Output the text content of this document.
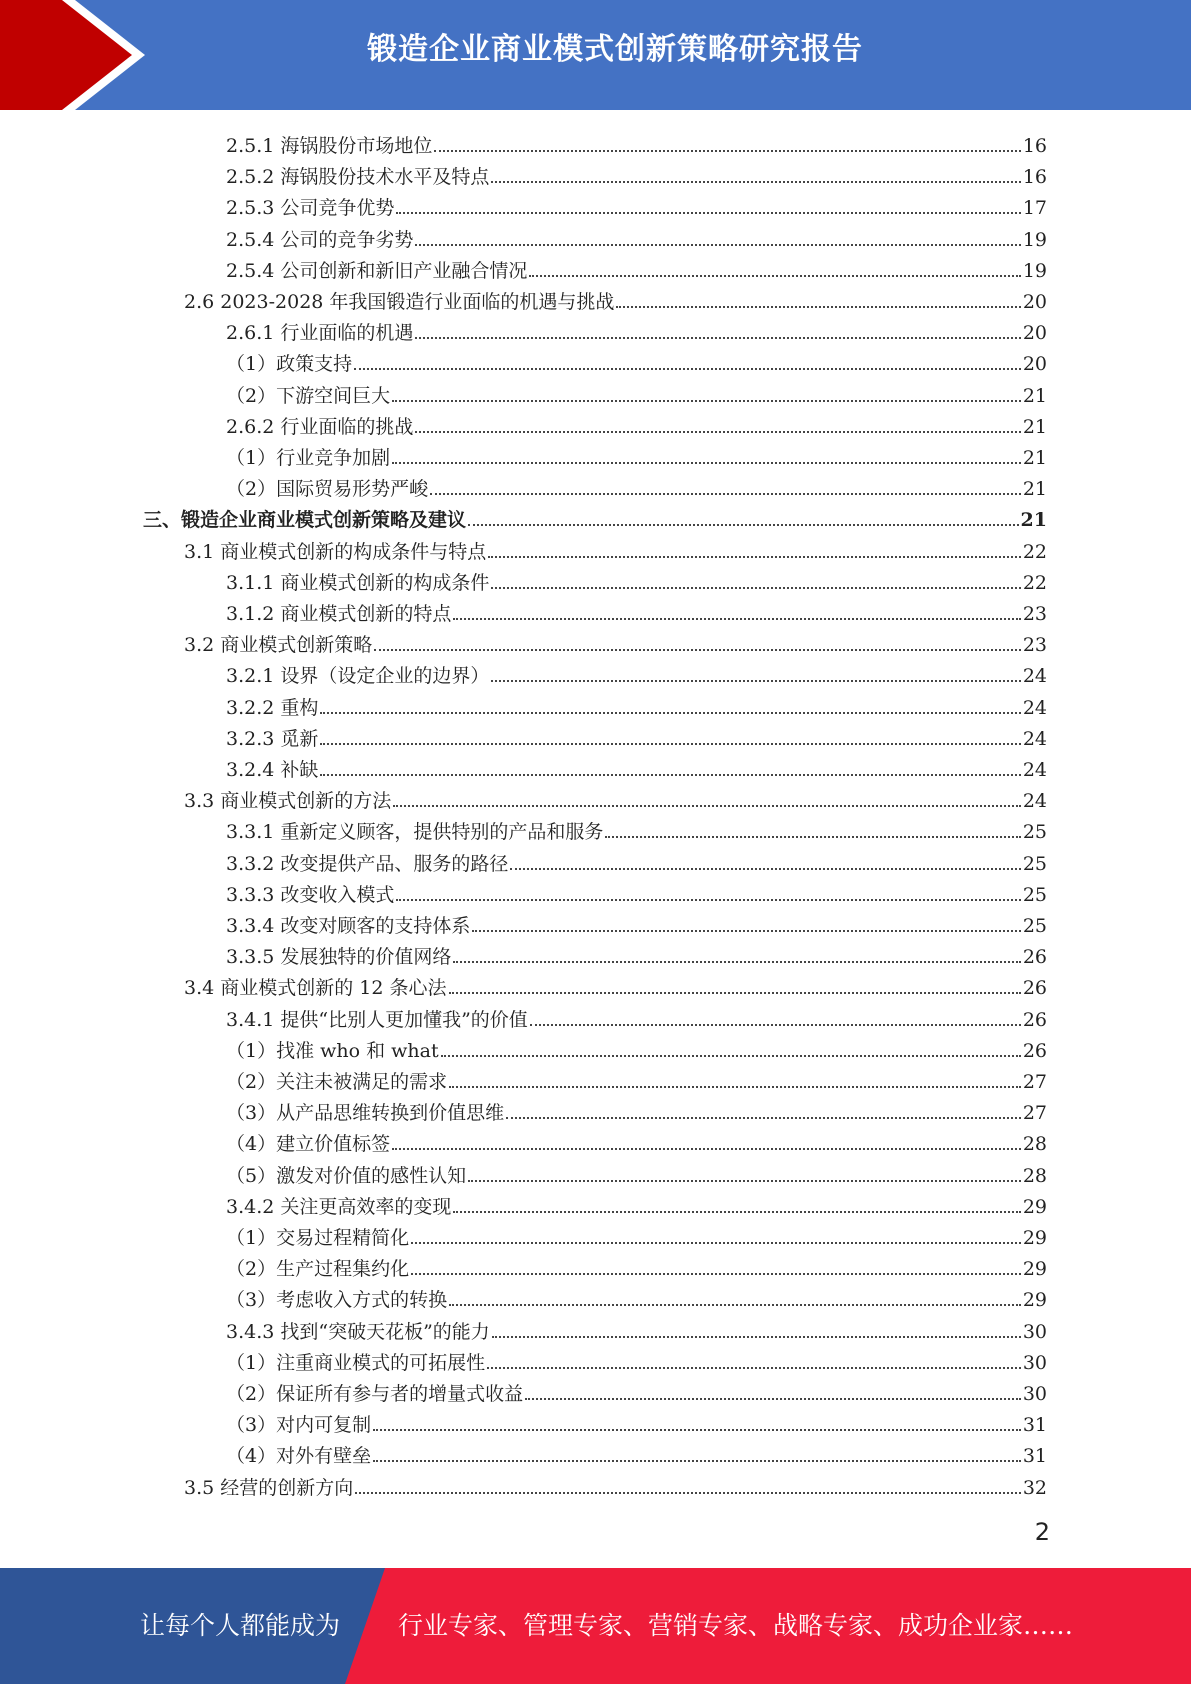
锻造企业商业模式创新策略研究报告
2.5.1 海锅股份市场地位	16
2.5.2 海锅股份技术水平及特点	16
2.5.3 公司竞争优势	17
2.5.4 公司的竞争劣势	19
2.5.4 公司创新和新旧产业融合情况	19
2.6 2023-2028 年我国锻造行业面临的机遇与挑战	20
2.6.1 行业面临的机遇	20
（1）政策支持	20
（2）下游空间巨大	21
2.6.2 行业面临的挑战	21
（1）行业竞争加剧	21
（2）国际贸易形势严峻	21
三、锻造企业商业模式创新策略及建议	21
3.1 商业模式创新的构成条件与特点	22
3.1.1 商业模式创新的构成条件	22
3.1.2 商业模式创新的特点	23
3.2 商业模式创新策略	23
3.2.1 设界（设定企业的边界）	24
3.2.2 重构	24
3.2.3 觅新	24
3.2.4 补缺	24
3.3 商业模式创新的方法	24
3.3.1 重新定义顾客，提供特别的产品和服务	25
3.3.2 改变提供产品、服务的路径	25
3.3.3 改变收入模式	25
3.3.4 改变对顾客的支持体系	25
3.3.5 发展独特的价值网络	26
3.4 商业模式创新的 12 条心法	26
3.4.1 提供“比别人更加懂我”的价值	26
（1）找准 who 和 what	26
（2）关注未被满足的需求	27
（3）从产品思维转换到价值思维	27
（4）建立价值标签	28
（5）激发对价值的感性认知	28
3.4.2 关注更高效率的变现	29
（1）交易过程精简化	29
（2）生产过程集约化	29
（3）考虑收入方式的转换	29
3.4.3 找到“突破天花板”的能力	30
（1）注重商业模式的可拓展性	30
（2）保证所有参与者的增量式收益	30
（3）对内可复制	31
（4）对外有壁垒	31
3.5 经营的创新方向	32
2
让每个人都能成为 行业专家、管理专家、营销专家、战略专家、成功企业家……
